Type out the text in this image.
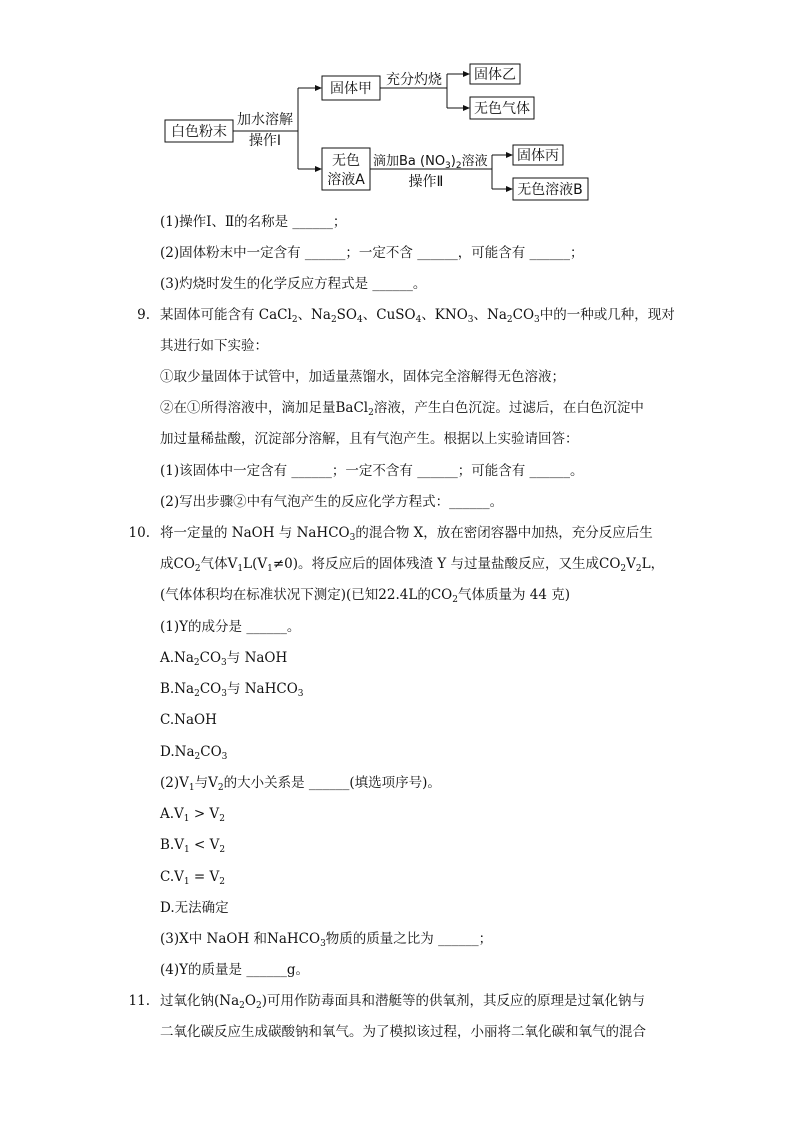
白色粉末
加水溶解
操作Ⅰ
固体甲
充分灼烧 固体乙
无色气体
无色
溶液A
滴加Ba $(NO_3)_2$溶液
操作Ⅱ
固体丙
无色溶液B
(1)操作Ⅰ、Ⅱ的名称是 ______；
(2)固体粉末中一定含有 ______；一定不含 ______，可能含有 ______；
(3)灼烧时发生的化学反应方程式是 ______。
9. 某固体可能含有 CaCl$_2$、$Na_2SO_4$、CuSO$_4$、$KNO_3$、$Na_2CO_3$中的一种或几种，现对
其进行如下实验：
①取少量固体于试管中，加适量蒸馏水，固体完全溶解得无色溶液；
②在①所得溶液中，滴加足量BaCl$_2$溶液，产生白色沉淀。过滤后，在白色沉淀中
加过量稀盐酸，沉淀部分溶解，且有气泡产生。根据以上实验请回答：
(1)该固体中一定含有 ______；一定不含有 ______；可能含有 ______。
(2)写出步骤②中有气泡产生的反应化学方程式：______。
10. 将一定量的 NaOH 与 NaHCO$_3$的混合物 X，放在密闭容器中加热，充分反应后生
成$CO_2$气体$V_1L(V_1\ne 0)$。将反应后的固体残渣 Y 与过量盐酸反应，又生成$CO_2V_2L$，
(气体体积均在标准状况下测定)(已知22.4L的$CO_2$气体质量为 44 克)
(1)Y的成分是 ______。
$A.Na_2CO_3$与 NaOH
$B.Na_2CO_3$与 NaHCO$_3$
C.NaOH
$D.Na_2CO_3$
$(2)V_1$与$V_2$的大小关系是 ______(填选项序号)。
$A.V_1 > V_2$
$B.V_1 < V_2$
$C.V_1 = V_2$
D.无法确定
(3)X中 NaOH 和NaHCO$_3$物质的质量之比为 ______；
(4)Y的质量是 ______g。
11. 过氧化钠$(Na_2O_2)$可用作防毒面具和潜艇等的供氧剂，其反应的原理是过氧化钠与
二氧化碳反应生成碳酸钠和氧气。为了模拟该过程，小丽将二氧化碳和氧气的混合
